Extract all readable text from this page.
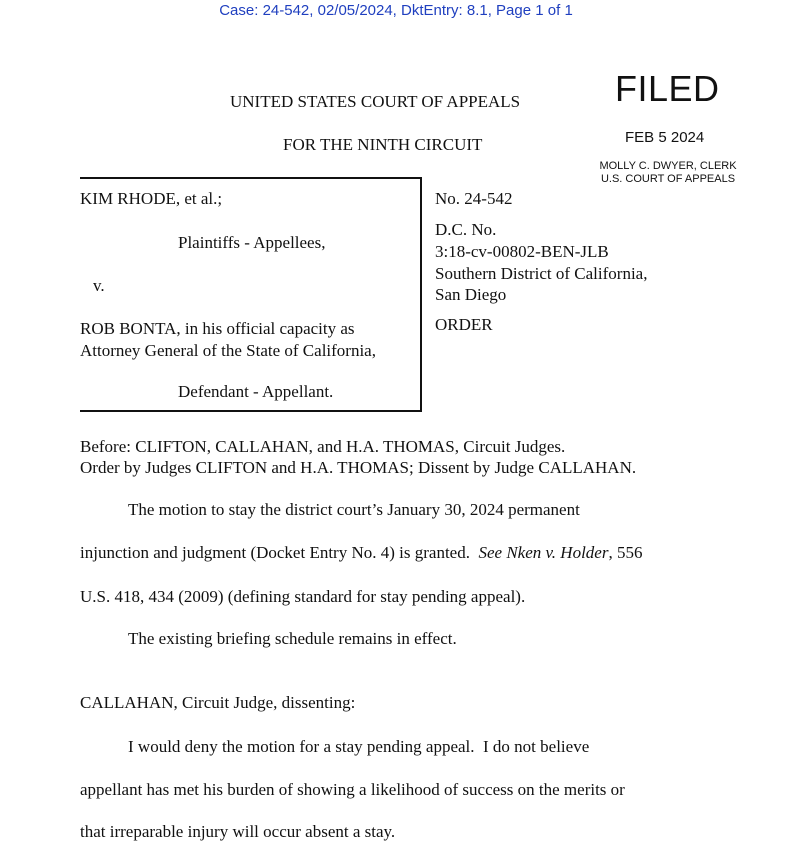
Case: 24-542, 02/05/2024, DktEntry: 8.1, Page 1 of 1
UNITED STATES COURT OF APPEALS
FOR THE NINTH CIRCUIT
FILED
FEB 5 2024
MOLLY C. DWYER, CLERK
U.S. COURT OF APPEALS
KIM RHODE, et al.;
Plaintiffs - Appellees,
v.
ROB BONTA, in his official capacity as
Attorney General of the State of California,
Defendant - Appellant.
No. 24-542
D.C. No.
3:18-cv-00802-BEN-JLB
Southern District of California,
San Diego
ORDER
Before: CLIFTON, CALLAHAN, and H.A. THOMAS, Circuit Judges.
Order by Judges CLIFTON and H.A. THOMAS; Dissent by Judge CALLAHAN.
The motion to stay the district court’s January 30, 2024 permanent
injunction and judgment (Docket Entry No. 4) is granted.  See Nken v. Holder, 556
U.S. 418, 434 (2009) (defining standard for stay pending appeal).
The existing briefing schedule remains in effect.
CALLAHAN, Circuit Judge, dissenting:
I would deny the motion for a stay pending appeal.  I do not believe
appellant has met his burden of showing a likelihood of success on the merits or
that irreparable injury will occur absent a stay.
